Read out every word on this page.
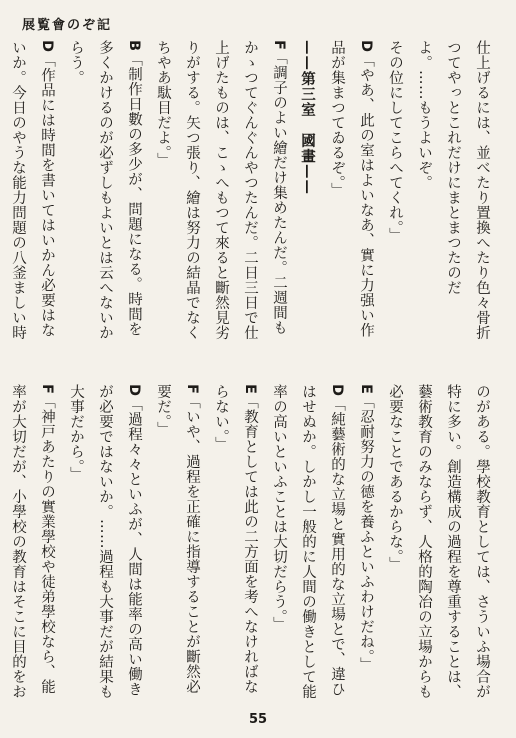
展覧會のぞ記
仕上げるには、並べたり置換へたり色々骨折つてやっとこれだけにまとまつたのだよ。……もうよいぞ。
その位にしてこらへてくれ。」
D「やあ、此の室はよいなあ、實に力强い作品が集まつてゐるぞ。」
——第三室　國畫——
F「調子のよい繪だけ集めたんだ。二週間もかゝつてぐんぐんやつたんだ。二日三日で仕上げたものは、こゝへもつて來ると斷然見劣りがする。矢つ張り、繪は努力の結晶でなくちやあ駄目だよ。」
B「制作日數の多少が、問題になる。時間を多くかけるのが必ずしもよいとは云へないからう。
D「作品には時間を書いてはいかん必要はないか。今日のやうな能力問題の八釜ましい時
のがある。學校教育としては、さういふ場合が特に多い。創造構成の過程を尊重することは、藝術教育のみならず、人格的陶冶の立場からも必要なことであるからな。」
E「忍耐努力の德を養ふといふわけだね。」
D「純藝術的な立場と實用的な立場とで、違ひはせぬか。しかし一般的に人間の働きとして能率の高いといふことは大切だらう。」
E「教育としては此の二方面を考へなければならない。」
F「いや、過程を正確に指導することが斷然必要だ。」
D「過程々々といふが、人間は能率の高い働きが必要ではないか。……過程も大事だが結果も大事だから。」
F「神戸あたりの實業學校や徒弟學校なら、能率が大切だが、小學校の教育はそこに目的をお
55
